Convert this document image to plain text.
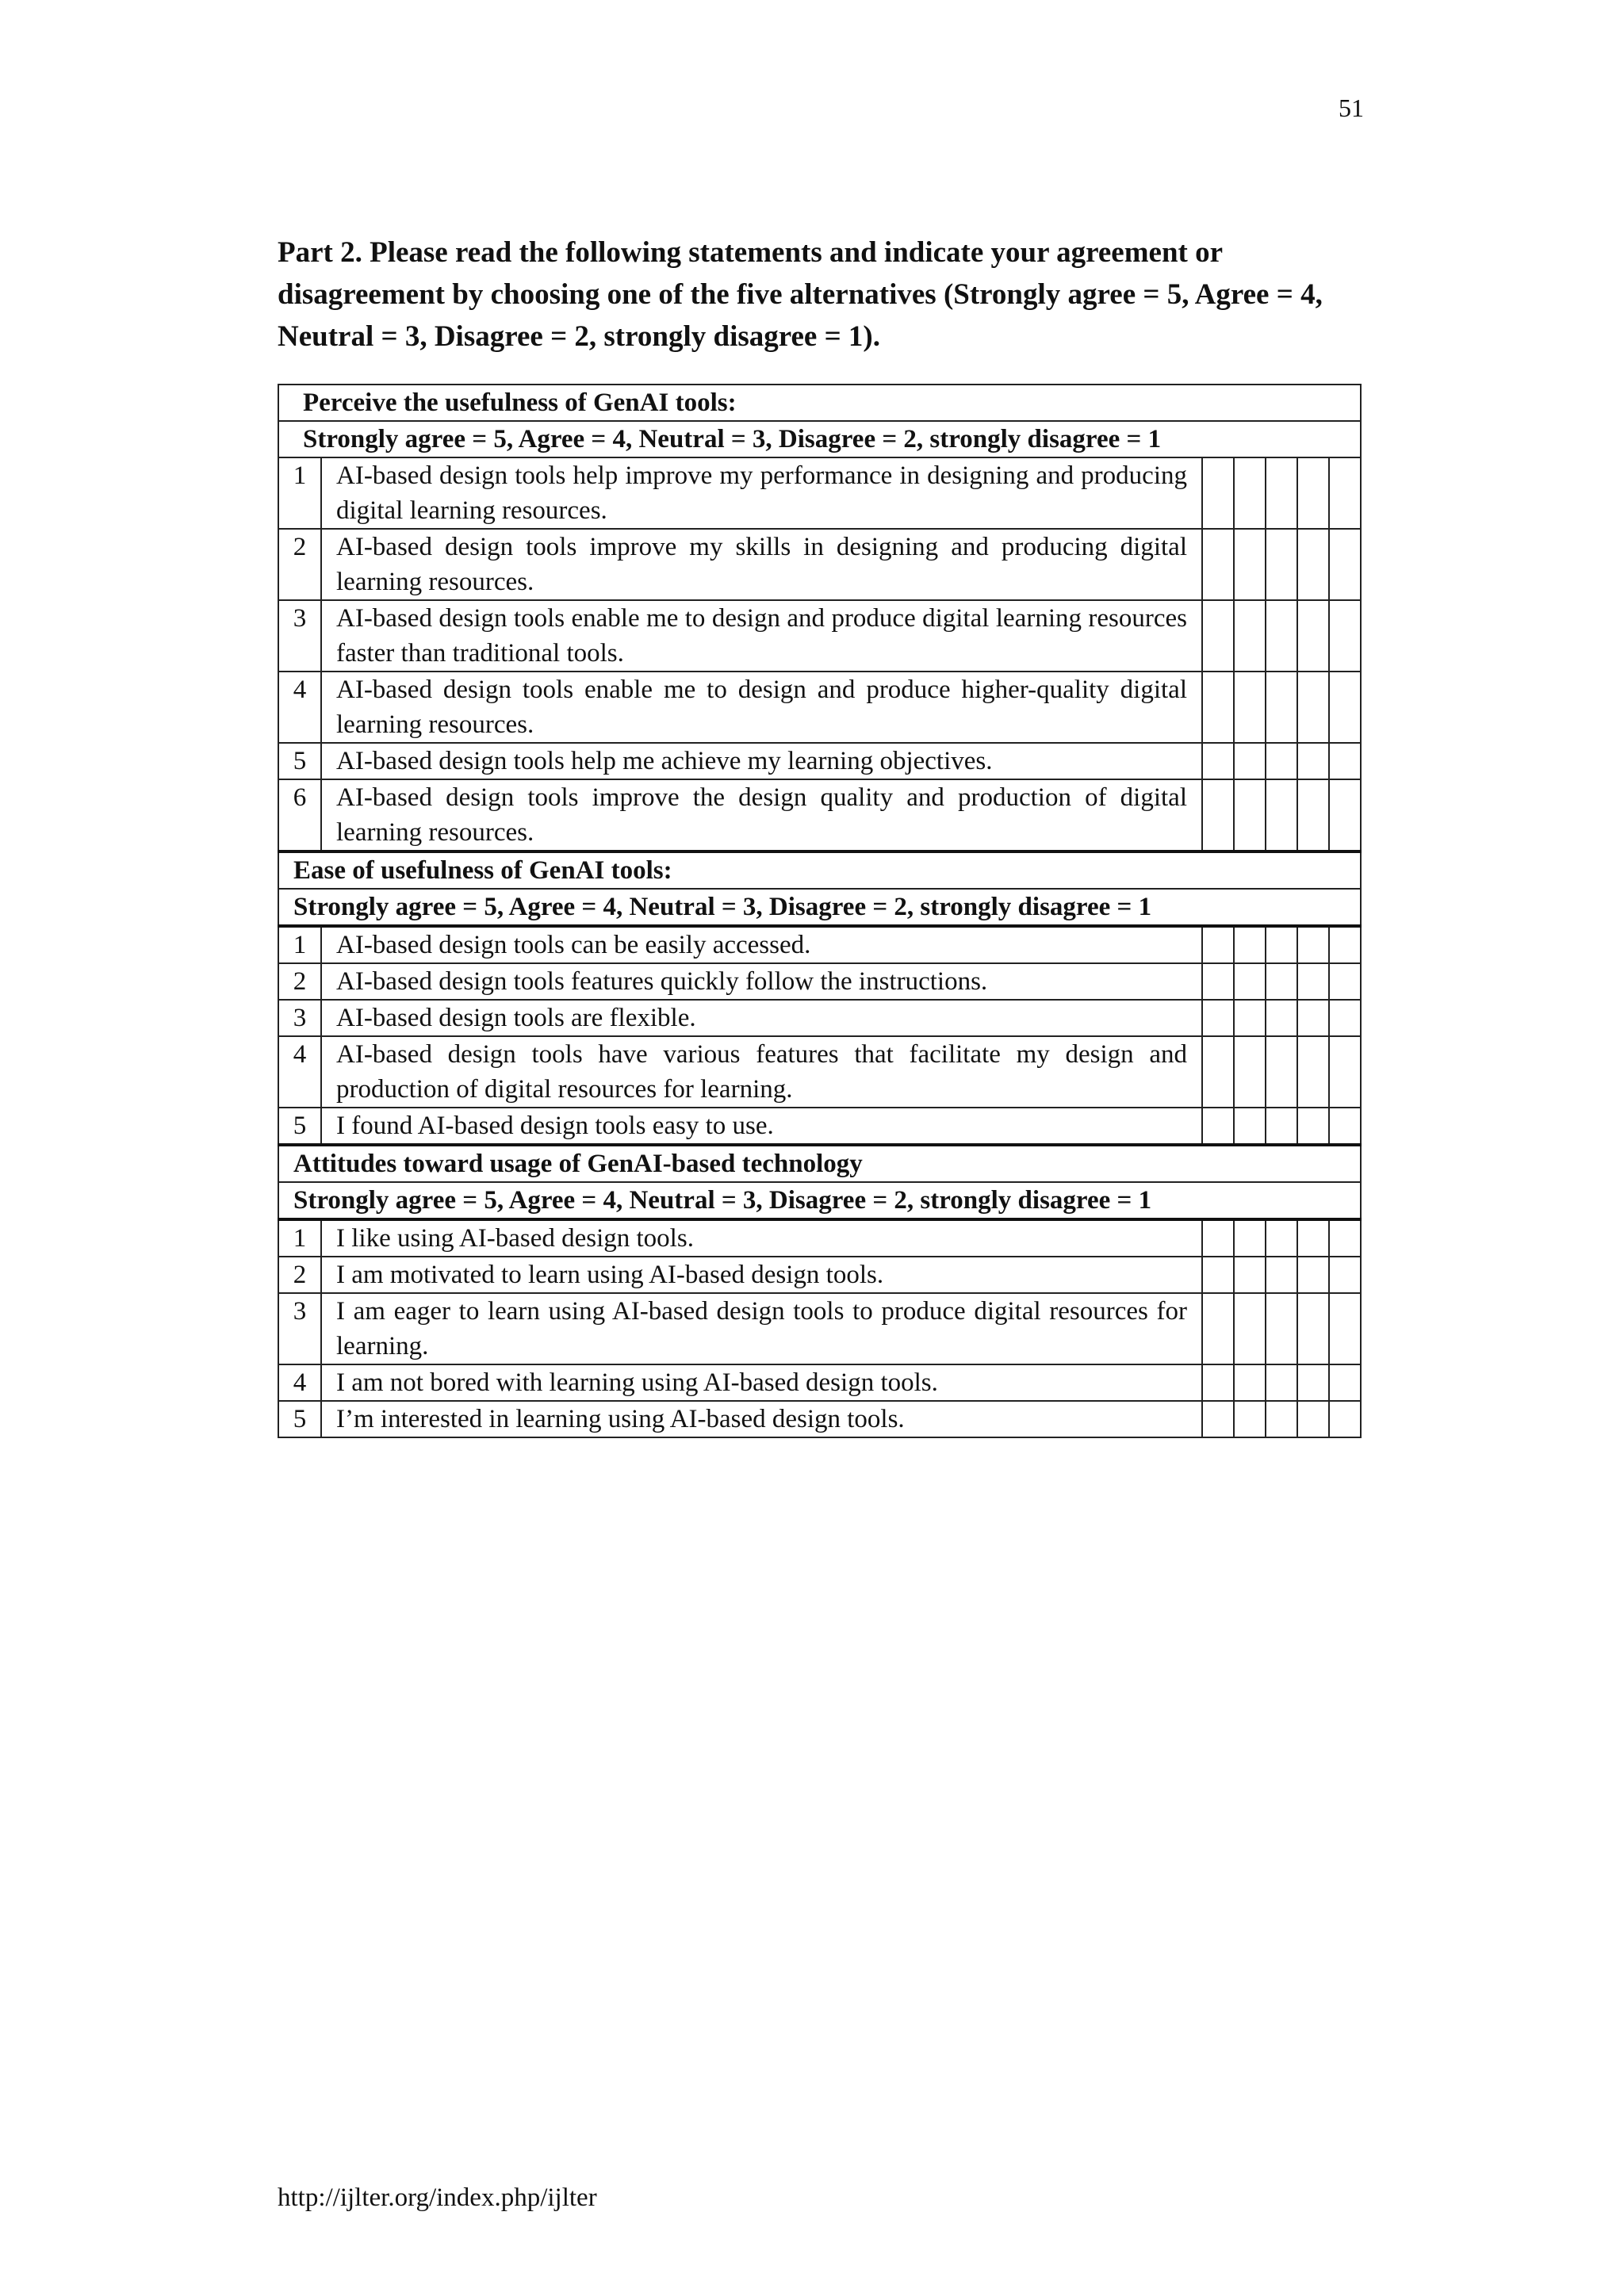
51
Part 2. Please read the following statements and indicate your agreement or disagreement by choosing one of the five alternatives (Strongly agree = 5, Agree = 4, Neutral = 3, Disagree = 2, strongly disagree = 1).
Perceive the usefulness of GenAI tools:						
Strongly agree = 5, Agree = 4, Neutral = 3, Disagree = 2, strongly disagree = 1						
1	AI-based design tools help improve my performance in designing and producing digital learning resources.					
2	AI-based design tools improve my skills in designing and producing digital learning resources.					
3	AI-based design tools enable me to design and produce digital learning resources faster than traditional tools.					
4	AI-based design tools enable me to design and produce higher-quality digital learning resources.					
5	AI-based design tools help me achieve my learning objectives.					
6	AI-based design tools improve the design quality and production of digital learning resources.					
Ease of usefulness of GenAI tools:						
Strongly agree = 5, Agree = 4, Neutral = 3, Disagree = 2, strongly disagree = 1						
1	AI-based design tools can be easily accessed.					
2	AI-based design tools features quickly follow the instructions.					
3	AI-based design tools are flexible.					
4	AI-based design tools have various features that facilitate my design and production of digital resources for learning.					
5	I found AI-based design tools easy to use.					
Attitudes toward usage of GenAI-based technology						
Strongly agree = 5, Agree = 4, Neutral = 3, Disagree = 2, strongly disagree = 1						
1	I like using AI-based design tools.					
2	I am motivated to learn using AI-based design tools.					
3	I am eager to learn using AI-based design tools to produce digital resources for learning.					
4	I am not bored with learning using AI-based design tools.					
5	I’m interested in learning using AI-based design tools.					
http://ijlter.org/index.php/ijlter
